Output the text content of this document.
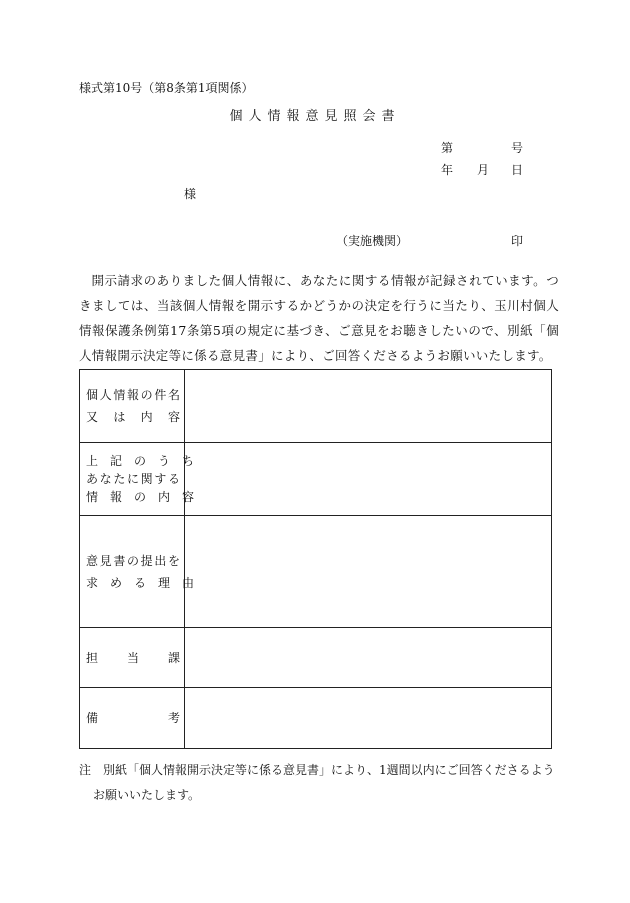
様式第10号（第8条第1項関係）
個人情報意見照会書
第	号
年 月 日
様
（実施機関）	印
開示請求のありました個人情報に、あなたに関する情報が記録されています。つきましては、当該個人情報を開示するかどうかの決定を行うに当たり、玉川村個人情報保護条例第17条第5項の規定に基づき、ご意見をお聴きしたいので、別紙「個人情報開示決定等に係る意見書」により、ご回答くださるようお願いいたします。
個人情報の件名
又　は　内　容	

上　記　の　う　ち
あなたに関する
情　報　の　内　容	

意見書の提出を
求　め　る　理　由	

担　　当　　課	

備 考	

注　別紙「個人情報開示決定等に係る意見書」により、1週間以内にご回答くださるよう
お願いいたします。
